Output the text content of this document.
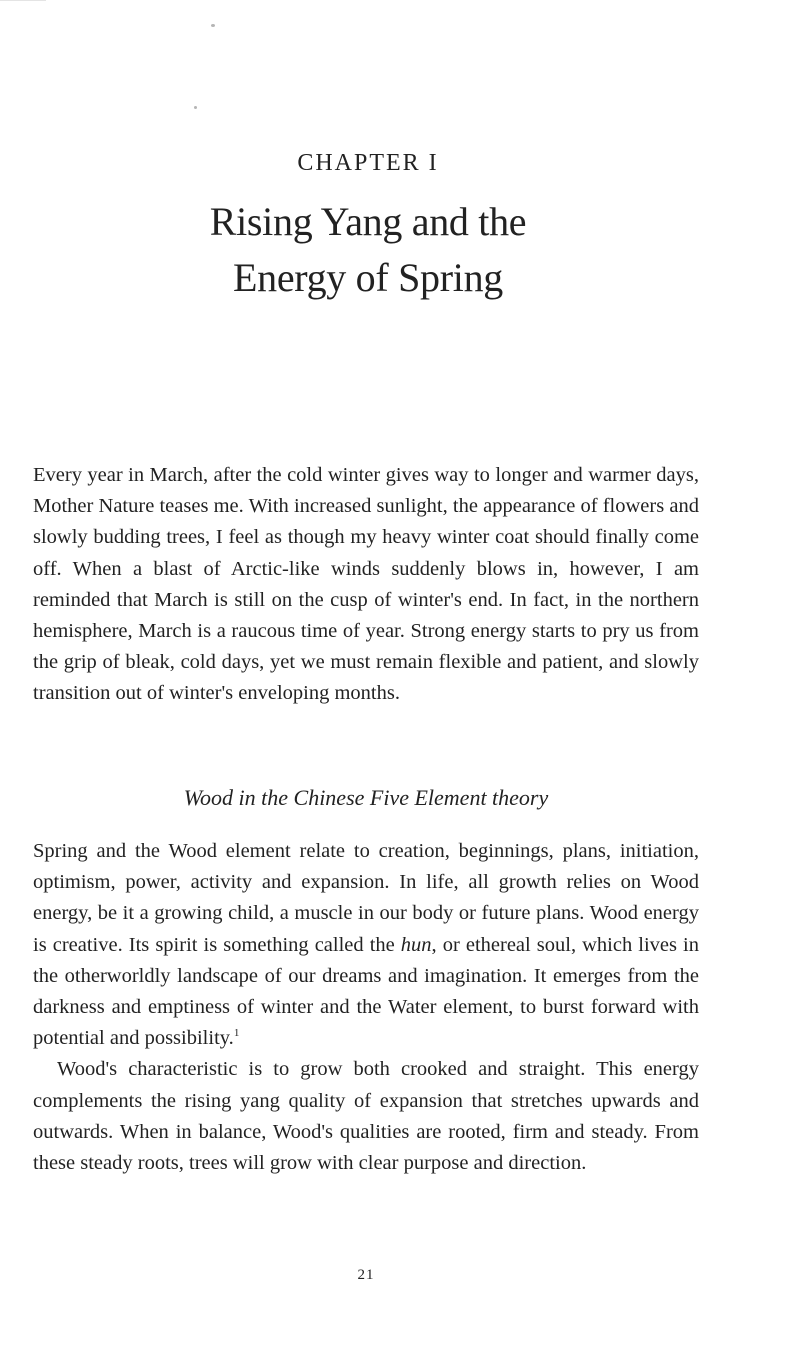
CHAPTER I
Rising Yang and the
Energy of Spring

Every year in March, after the cold winter gives way to longer and warmer days, Mother Nature teases me. With increased sunlight, the appearance of flowers and slowly budding trees, I feel as though my heavy winter coat should finally come off. When a blast of Arctic-like winds suddenly blows in, however, I am reminded that March is still on the cusp of winter's end. In fact, in the northern hemisphere, March is a raucous time of year. Strong energy starts to pry us from the grip of bleak, cold days, yet we must remain flexible and patient, and slowly transition out of winter's enveloping months.

Wood in the Chinese Five Element theory

Spring and the Wood element relate to creation, beginnings, plans, initiation, optimism, power, activity and expansion. In life, all growth relies on Wood energy, be it a growing child, a muscle in our body or future plans. Wood energy is creative. Its spirit is something called the hun, or ethereal soul, which lives in the otherworldly landscape of our dreams and imagination. It emerges from the darkness and emptiness of winter and the Water element, to burst forward with potential and possibility.$^1$

Wood's characteristic is to grow both crooked and straight. This energy complements the rising yang quality of expansion that stretches upwards and outwards. When in balance, Wood's qualities are rooted, firm and steady. From these steady roots, trees will grow with clear purpose and direction.

21
